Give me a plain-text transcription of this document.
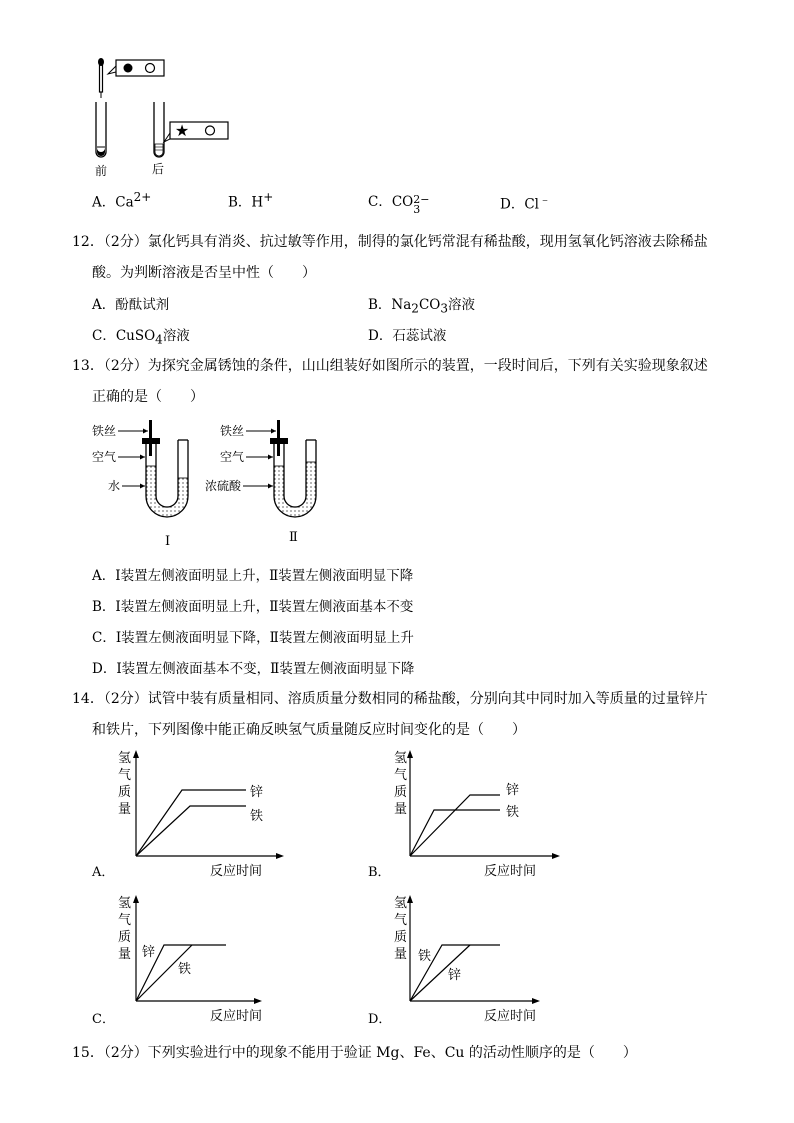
★
前	后
A．$Ca^{2+}$	B．H+	C．CO 2−
3	D．Cl﹣
12．（2分）氯化钙具有消炎、抗过敏等作用，制得的氯化钙常混有稀盐酸，现用氢氧化钙溶液去除稀盐
酸。为判断溶液是否呈中性（　　）
A．酚酞试剂	B．$Na_2CO_3$溶液
C．CuSO$_4$溶液	D．石蕊试液
13．（2分）为探究金属锈蚀的条件，山山组装好如图所示的装置，一段时间后，下列有关实验现象叙述
正确的是（　　）
铁丝
空气
水
Ⅰ
铁丝
空气
浓硫酸
Ⅱ
A．Ⅰ装置左侧液面明显上升，Ⅱ装置左侧液面明显下降
B．Ⅰ装置左侧液面明显上升，Ⅱ装置左侧液面基本不变
C．Ⅰ装置左侧液面明显下降，Ⅱ装置左侧液面明显上升
D．Ⅰ装置左侧液面基本不变，Ⅱ装置左侧液面明显下降
14．（2分）试管中装有质量相同、溶质质量分数相同的稀盐酸，分别向其中同时加入等质量的过量锌片
和铁片，下列图像中能正确反映氢气质量随反应时间变化的是（　　）
氢
气
质
量
锌
铁
反应时间
A．
氢
气
质
量
锌
铁
反应时间
B．
氢
气
质
量 锌
铁
反应时间
C．
氢
气
质
量 铁
锌
反应时间
D．
15．（2分）下列实验进行中的现象不能用于验证 Mg、Fe、Cu 的活动性顺序的是（　　）
